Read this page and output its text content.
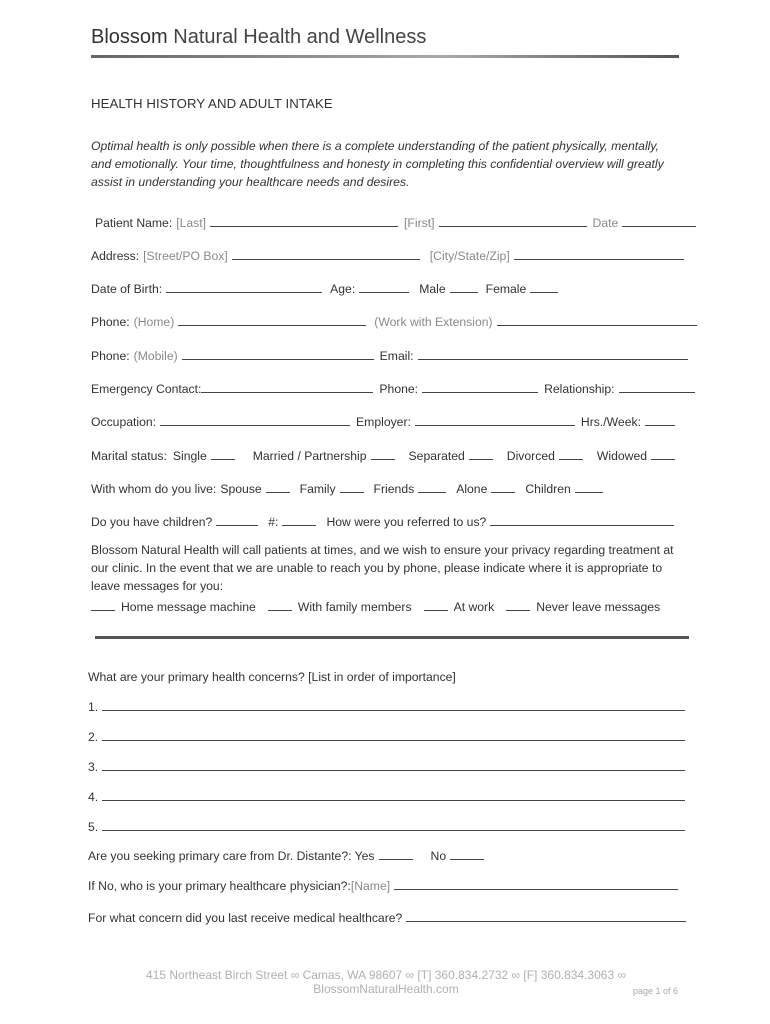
Blossom Natural Health and Wellness
HEALTH HISTORY AND ADULT INTAKE
Optimal health is only possible when there is a complete understanding of the patient physically, mentally, and emotionally. Your time, thoughtfulness and honesty in completing this confidential overview will greatly assist in understanding your healthcare needs and desires.
Patient Name: [Last]	[First]	Date
Address: [Street/PO Box]	[City/State/Zip]
Date of Birth:	Age:	Male	Female
Phone: (Home)	(Work with Extension)
Phone: (Mobile)	Email:
Emergency Contact:	Phone:	Relationship:
Occupation:	Employer:	Hrs./Week:
Marital status: Single	Married / Partnership	Separated	Divorced	Widowed
With whom do you live: Spouse	Family	Friends	Alone	Children
Do you have children?	#:	How were you referred to us?
Blossom Natural Health will call patients at times, and we wish to ensure your privacy regarding treatment at our clinic. In the event that we are unable to reach you by phone, please indicate where it is appropriate to leave messages for you:
Home message machine	With family members	At work	Never leave messages
What are your primary health concerns? [List in order of importance]
1.
2.
3.
4.
5.
Are you seeking primary care from Dr. Distante?: Yes	No
If No, who is your primary healthcare physician?: [Name]
For what concern did you last receive medical healthcare?
415 Northeast Birch Street ∞ Camas, WA 98607 ∞ [T] 360.834.2732 ∞ [F] 360.834.3063 ∞ BlossomNaturalHealth.com	page 1 of 6
